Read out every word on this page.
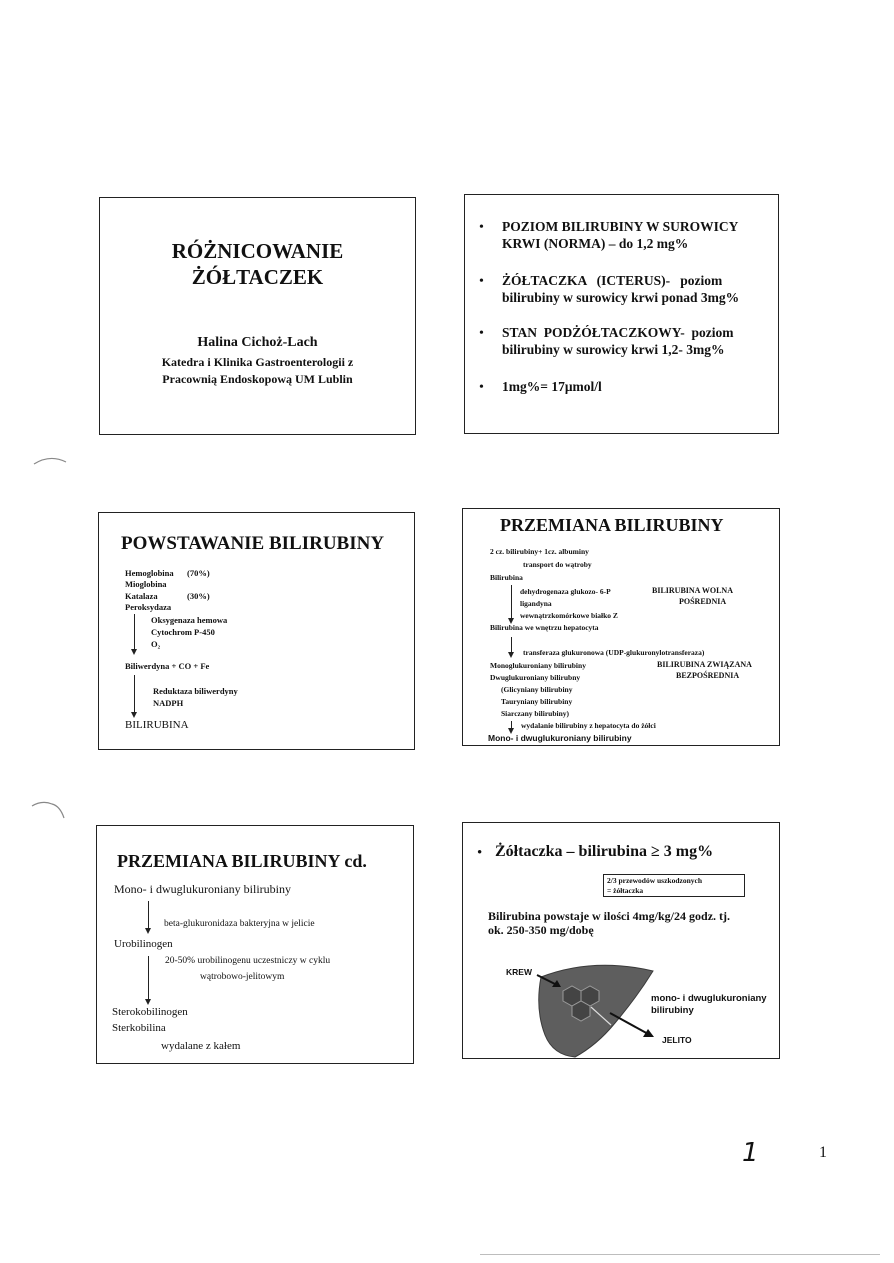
RÓŻNICOWANIE
ŻÓŁTACZEK
Halina Cichoż-Lach
Katedra i Klinika Gastroenterologii z
Pracownią Endoskopową UM Lublin
• POZIOM BILIRUBINY W SUROWICY
KRWI (NORMA) – do 1,2 mg%
• ŻÓŁTACZKA   (ICTERUS)-   poziom
bilirubiny w surowicy krwi ponad 3mg%
• STAN  PODŻÓŁTACZKOWY-  poziom
bilirubiny w surowicy krwi 1,2- 3mg%
• 1mg%= 17μmol/l
POWSTAWANIE BILIRUBINY
Hemoglobina (70%)
Mioglobina
Katalaza	(30%)
Peroksydaza
Oksygenaza hemowa
Cytochrom P-450
O₂
Biliwerdyna + CO + Fe
Reduktaza biliwerdyny
NADPH
BILIRUBINA
PRZEMIANA BILIRUBINY
2 cz. bilirubiny+ 1cz. albuminy
transport do wątroby
Bilirubina
dehydrogenaza glukozo- 6-P
ligandyna
wewnątrzkomórkowe białko Z
Bilirubina we wnętrzu hepatocyta
BILIRUBINA WOLNA
POŚREDNIA
transferaza glukuronowa (UDP-glukuronylotransferaza)
Monoglukuroniany bilirubiny
Dwuglukuroniany bilirubny
(Glicyniany bilirubiny
Tauryniany bilirubiny
Siarczany bilirubiny)
BILIRUBINA ZWIĄZANA
BEZPOŚREDNIA
wydalanie bilirubiny z hepatocyta do żółci
Mono- i dwuglukuroniany bilirubiny
PRZEMIANA BILIRUBINY cd.
Mono- i dwuglukuroniany bilirubiny
beta-glukuronidaza bakteryjna w jelicie
Urobilinogen
20-50% urobilinogenu uczestniczy w cyklu
wątrobowo-jelitowym
Sterokobilinogen
Sterkobilina
wydalane z kałem
• Żółtaczka – bilirubina ≥ 3 mg%
2/3 przewodów uszkodzonych
= żółtaczka
Bilirubina powstaje w ilości 4mg/kg/24 godz. tj.
ok. 250-350 mg/dobę
KREW
mono- i dwuglukuroniany
bilirubiny
JELITO
1	1
